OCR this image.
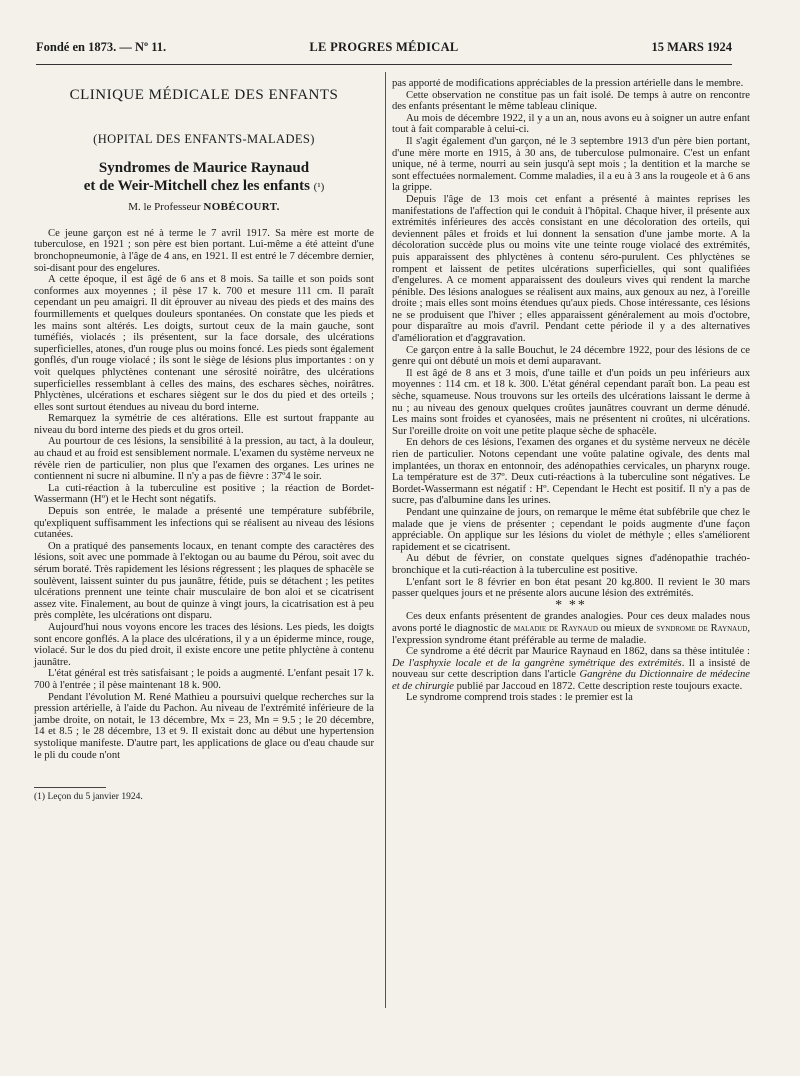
Fondé en 1873. — Nº 11.	LE PROGRES MÉDICAL	15 MARS 1924
CLINIQUE MÉDICALE DES ENFANTS
(HOPITAL DES ENFANTS-MALADES)
Syndromes de Maurice Raynaud
et de Weir-Mitchell chez les enfants (¹)
M. le Professeur NOBÉCOURT.

Ce jeune garçon est né à terme le 7 avril 1917. Sa mère est morte de tuberculose, en 1921 ; son père est bien portant. Lui-même a été atteint d'une bronchopneumonie, à l'âge de 4 ans, en 1921. Il est entré le 7 décembre dernier, soi-disant pour des engelures.

A cette époque, il est âgé de 6 ans et 8 mois. Sa taille et son poids sont conformes aux moyennes ; il pèse 17 k. 700 et mesure 111 cm. Il paraît cependant un peu amaigri. Il dit éprouver au niveau des pieds et des mains des fourmillements et quelques douleurs spontanées. On constate que les pieds et les mains sont altérés. Les doigts, surtout ceux de la main gauche, sont tuméfiés, violacés ; ils présentent, sur la face dorsale, des ulcérations superficielles, atones, d'un rouge plus ou moins foncé. Les pieds sont également gonflés, d'un rouge violacé ; ils sont le siège de lésions plus importantes : on y voit quelques phlyctènes contenant une sérosité noirâtre, des ulcérations superficielles ressemblant à celles des mains, des eschares sèches, noirâtres. Phlyctènes, ulcérations et eschares siègent sur le dos du pied et des orteils ; elles sont surtout étendues au niveau du bord interne.

Remarquez la symétrie de ces altérations. Elle est surtout frappante au niveau du bord interne des pieds et du gros orteil.

Au pourtour de ces lésions, la sensibilité à la pression, au tact, à la douleur, au chaud et au froid est sensiblement normale. L'examen du système nerveux ne révèle rien de particulier, non plus que l'examen des organes. Les urines ne contiennent ni sucre ni albumine. Il n'y a pas de fièvre : 37º4 le soir.

La cuti-réaction à la tuberculine est positive ; la réaction de Bordet-Wassermann (Hº) et le Hecht sont négatifs.

Depuis son entrée, le malade a présenté une température subfébrile, qu'expliquent suffisamment les infections qui se réalisent au niveau des lésions cutanées.

On a pratiqué des pansements locaux, en tenant compte des caractères des lésions, soit avec une pommade à l'ektogan ou au baume du Pérou, soit avec du sérum boraté. Très rapidement les lésions régressent ; les plaques de sphacèle se soulèvent, laissent suinter du pus jaunâtre, fétide, puis se détachent ; les petites ulcérations prennent une teinte chair musculaire de bon aloi et se cicatrisent assez vite. Finalement, au bout de quinze à vingt jours, la cicatrisation est à peu près complète, les ulcérations ont disparu.

Aujourd'hui nous voyons encore les traces des lésions. Les pieds, les doigts sont encore gonflés. A la place des ulcérations, il y a un épiderme mince, rouge, violacé. Sur le dos du pied droit, il existe encore une petite phlyctène à contenu jaunâtre.

L'état général est très satisfaisant ; le poids a augmenté. L'enfant pesait 17 k. 700 à l'entrée ; il pèse maintenant 18 k. 900.

Pendant l'évolution M. René Mathieu a poursuivi quelque recherches sur la pression artérielle, à l'aide du Pachon. Au niveau de l'extrémité inférieure de la jambe droite, on notait, le 13 décembre, Mx = 23, Mn = 9.5 ; le 20 décembre, 14 et 8.5 ; le 28 décembre, 13 et 9. Il existait donc au début une hypertension systolique manifeste. D'autre part, les applications de glace ou d'eau chaude sur le pli du coude n'ont

(1) Leçon du 5 janvier 1924.

pas apporté de modifications appréciables de la pression artérielle dans le membre.

Cette observation ne constitue pas un fait isolé. De temps à autre on rencontre des enfants présentant le même tableau clinique.

Au mois de décembre 1922, il y a un an, nous avons eu à soigner un autre enfant tout à fait comparable à celui-ci.

Il s'agit également d'un garçon, né le 3 septembre 1913 d'un père bien portant, d'une mère morte en 1915, à 30 ans, de tuberculose pulmonaire. C'est un enfant unique, né à terme, nourri au sein jusqu'à sept mois ; la dentition et la marche se sont effectuées normalement. Comme maladies, il a eu à 3 ans la rougeole et à 6 ans la grippe.

Depuis l'âge de 13 mois cet enfant a présenté à maintes reprises les manifestations de l'affection qui le conduit à l'hôpital. Chaque hiver, il présente aux extrémités inférieures des accès consistant en une décoloration des orteils, qui deviennent pâles et froids et lui donnent la sensation d'une jambe morte. A la décoloration succède plus ou moins vite une teinte rouge violacé des extrémités, puis apparaissent des phlyctènes à contenu séro-purulent. Ces phlyctènes se rompent et laissent de petites ulcérations superficielles, qui sont qualifiées d'engelures. A ce moment apparaissent des douleurs vives qui rendent la marche pénible. Des lésions analogues se réalisent aux mains, aux genoux au nez, à l'oreille droite ; mais elles sont moins étendues qu'aux pieds. Chose intéressante, ces lésions ne se produisent que l'hiver ; elles apparaissent généralement au mois d'octobre, pour disparaître au mois d'avril. Pendant cette période il y a des alternatives d'amélioration et d'aggravation.

Ce garçon entre à la salle Bouchut, le 24 décembre 1922, pour des lésions de ce genre qui ont débuté un mois et demi auparavant.

Il est âgé de 8 ans et 3 mois, d'une taille et d'un poids un peu inférieurs aux moyennes : 114 cm. et 18 k. 300. L'état général cependant paraît bon. La peau est sèche, squameuse. Nous trouvons sur les orteils des ulcérations laissant le derme à nu ; au niveau des genoux quelques croûtes jaunâtres couvrant un derme dénudé. Les mains sont froides et cyanosées, mais ne présentent ni croûtes, ni ulcérations. Sur l'oreille droite on voit une petite plaque sèche de sphacèle.

En dehors de ces lésions, l'examen des organes et du système nerveux ne décèle rien de particulier. Notons cependant une voûte palatine ogivale, des dents mal implantées, un thorax en entonnoir, des adénopathies cervicales, un pharynx rouge. La température est de 37º. Deux cuti-réactions à la tuberculine sont négatives. Le Bordet-Wassermann est négatif : Hº. Cependant le Hecht est positif. Il n'y a pas de sucre, pas d'albumine dans les urines.

Pendant une quinzaine de jours, on remarque le même état subfébrile que chez le malade que je viens de présenter ; cependant le poids augmente d'une façon appréciable. On applique sur les lésions du violet de méthyle ; elles s'améliorent rapidement et se cicatrisent.

Au début de février, on constate quelques signes d'adénopathie trachéo-bronchique et la cuti-réaction à la tuberculine est positive.

L'enfant sort le 8 février en bon état pesant 20 kg.800. Il revient le 30 mars passer quelques jours et ne présente alors aucune lésion des extrémités.

* **

Ces deux enfants présentent de grandes analogies. Pour ces deux malades nous avons porté le diagnostic de maladie de Raynaud ou mieux de syndrome de Raynaud, l'expression syndrome étant préférable au terme de maladie.

Ce syndrome a été décrit par Maurice Raynaud en 1862, dans sa thèse intitulée : De l'asphyxie locale et de la gangrène symétrique des extrémités. Il a insisté de nouveau sur cette description dans l'article Gangrène du Dictionnaire de médecine et de chirurgie publié par Jaccoud en 1872. Cette description reste toujours exacte.

Le syndrome comprend trois stades : le premier est la
